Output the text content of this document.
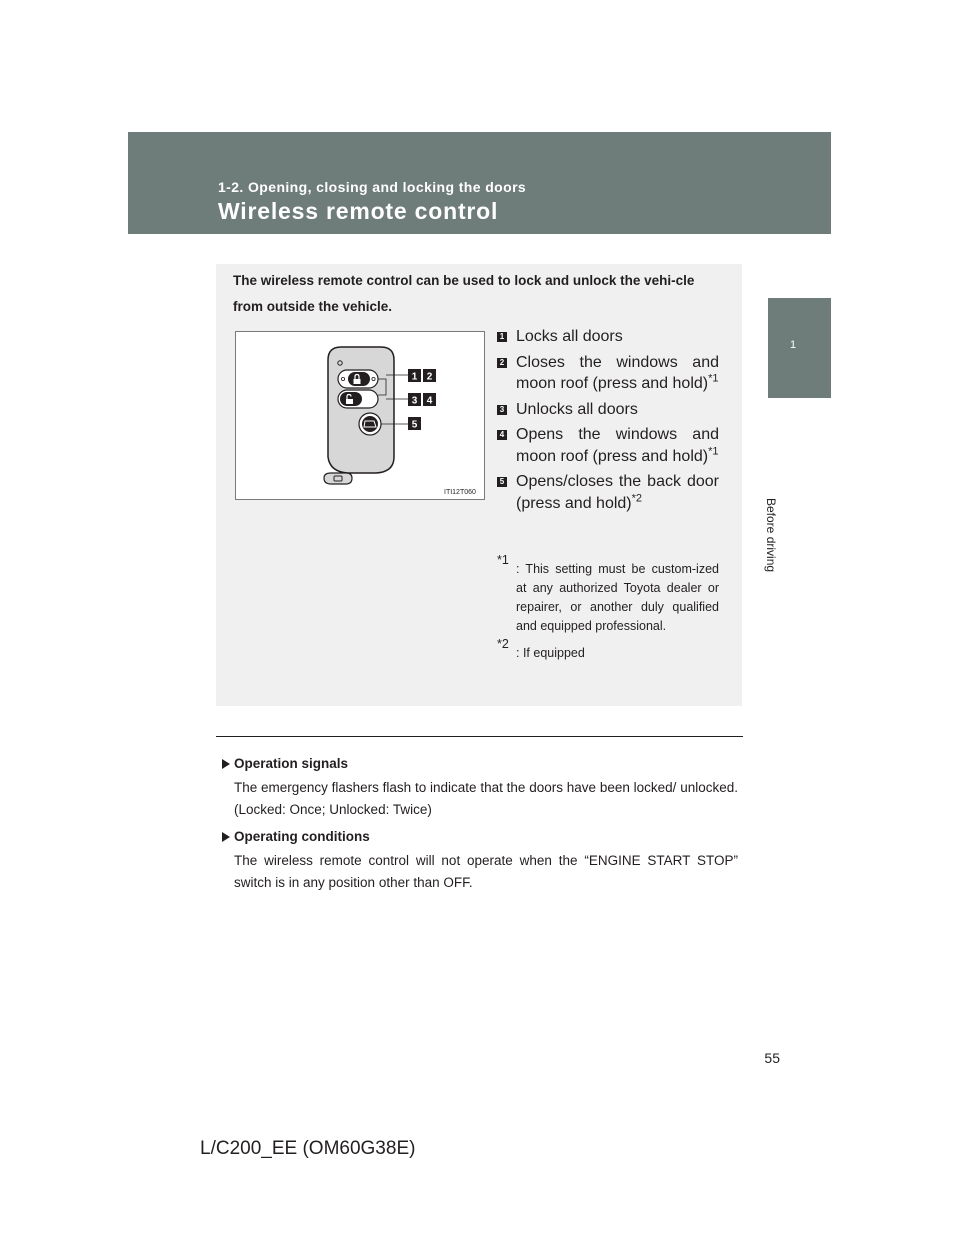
1-2. Opening, closing and locking the doors
Wireless remote control
1
Before driving
The wireless remote control can be used to lock and unlock the vehi-cle from outside the vehicle.
1 2
3 4
5
ITI12T060
1 Locks all doors
2 Closes the windows and moon roof (press and hold)$^{*1}$
3 Unlocks all doors
4 Opens the windows and moon roof (press and hold)$^{*1}$
5 Opens/closes the back door (press and hold)$^{*2}$
*1
: This setting must be custom-ized at any authorized Toyota dealer or repairer, or another duly qualified and equipped professional.
*2
: If equipped
Operation signals
The emergency flashers flash to indicate that the doors have been locked/ unlocked. (Locked: Once; Unlocked: Twice)
Operating conditions
The wireless remote control will not operate when the “ENGINE START STOP” switch is in any position other than OFF.
55
L/C200_EE (OM60G38E)
